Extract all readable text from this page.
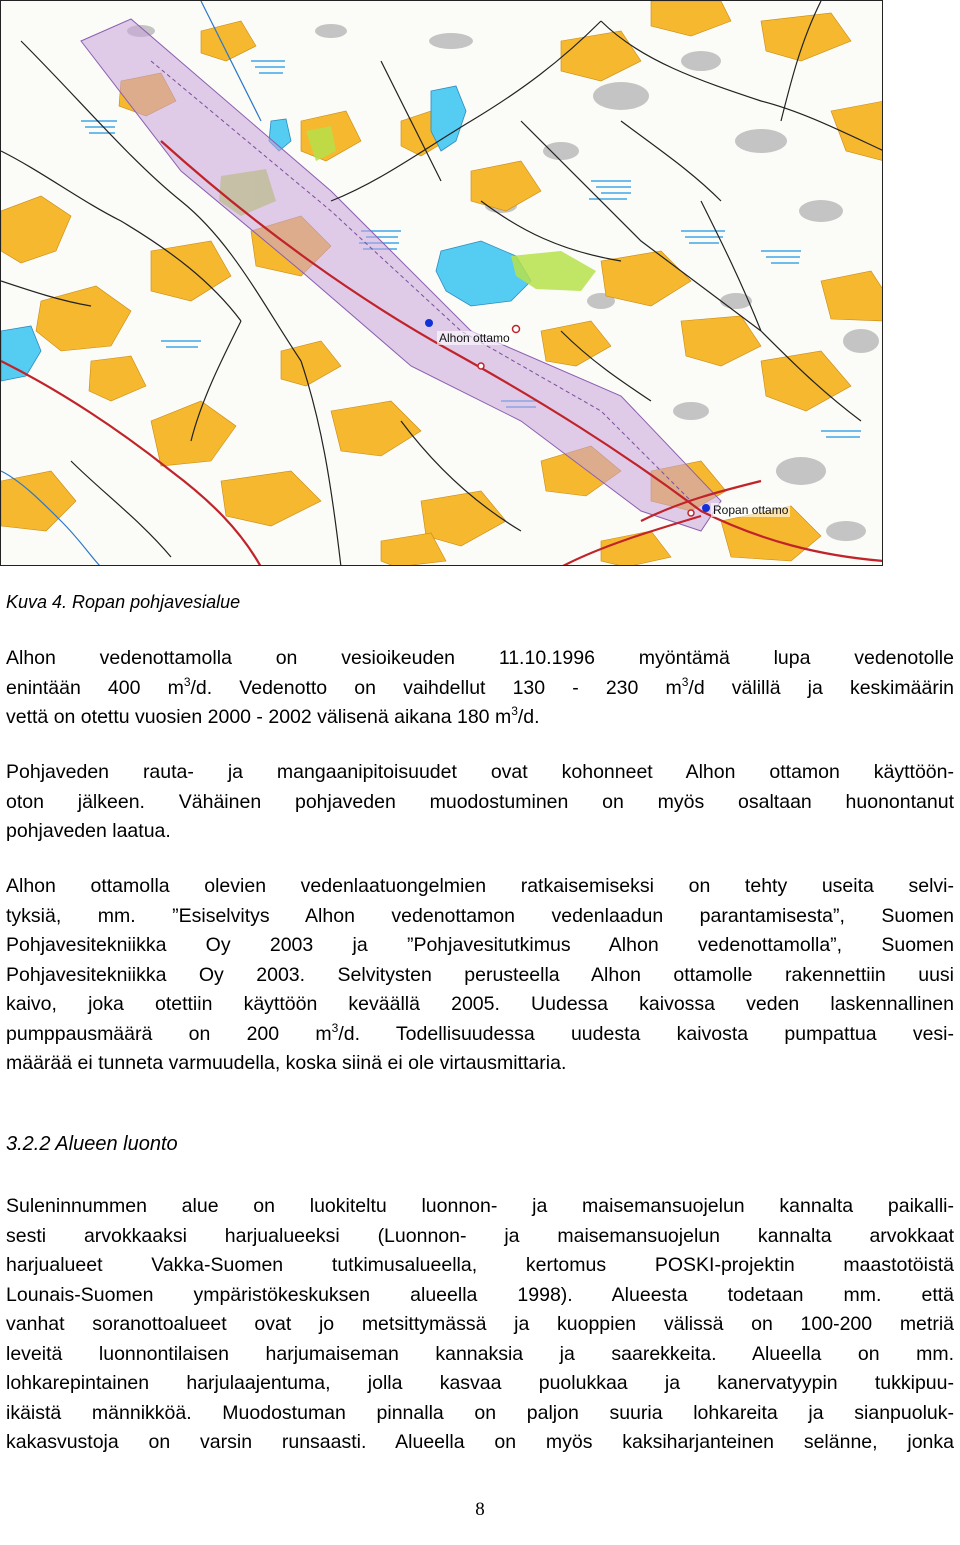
Alhon ottamo
Ropan ottamo
Kuva 4. Ropan pohjavesialue
Alhon vedenottamolla on vesioikeuden 11.10.1996 myöntämä lupa vedenotolle
enintään 400 $m^3/d$. Vedenotto on vaihdellut 130 - 230 $m^3/d$ välillä ja keskimäärin
vettä on otettu vuosien 2000 - 2002 välisenä aikana 180 $m^3/d$.
Pohjaveden rauta- ja mangaanipitoisuudet ovat kohonneet Alhon ottamon käyttöön-
oton jälkeen. Vähäinen pohjaveden muodostuminen on myös osaltaan huonontanut
pohjaveden laatua.
Alhon ottamolla olevien vedenlaatuongelmien ratkaisemiseksi on tehty useita selvi-
tyksiä, mm. ”Esiselvitys Alhon vedenottamon vedenlaadun parantamisesta”, Suomen
Pohjavesitekniikka Oy 2003 ja ”Pohjavesitutkimus Alhon vedenottamolla”, Suomen
Pohjavesitekniikka Oy 2003. Selvitysten perusteella Alhon ottamolle rakennettiin uusi
kaivo, joka otettiin käyttöön keväällä 2005. Uudessa kaivossa veden laskennallinen
pumppausmäärä on 200 $m^3/d$. Todellisuudessa uudesta kaivosta pumpattua vesi-
määrää ei tunneta varmuudella, koska siinä ei ole virtausmittaria.
3.2.2 Alueen luonto
Suleninnummen alue on luokiteltu luonnon- ja maisemansuojelun kannalta paikalli-
sesti arvokkaaksi harjualueeksi (Luonnon- ja maisemansuojelun kannalta arvokkaat
harjualueet Vakka-Suomen tutkimusalueella, kertomus POSKI-projektin maastotöistä
Lounais-Suomen ympäristökeskuksen alueella 1998). Alueesta todetaan mm. että
vanhat soranottoalueet ovat jo metsittymässä ja kuoppien välissä on 100-200 metriä
leveitä luonnontilaisen harjumaiseman kannaksia ja saarekkeita. Alueella on mm.
lohkarepintainen harjulaajentuma, jolla kasvaa puolukkaa ja kanervatyypin tukkipuu-
ikäistä männikköä. Muodostuman pinnalla on paljon suuria lohkareita ja sianpuoluk-
kakasvustoja on varsin runsaasti. Alueella on myös kaksiharjanteinen selänne, jonka
8
